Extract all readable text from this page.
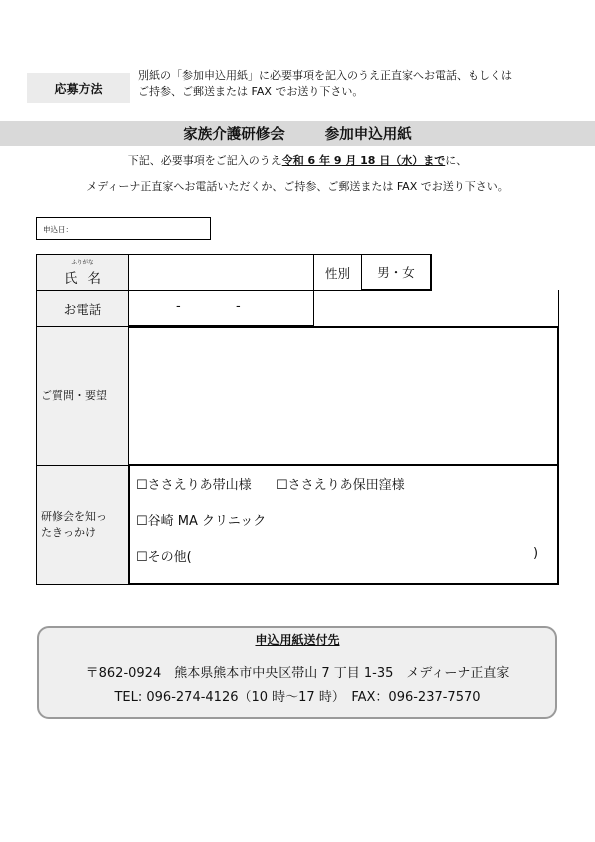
応募方法
別紙の「参加申込用紙」に必要事項を記入のうえ正直家へお電話、もしくは
ご持参、ご郵送または FAX でお送り下さい。
家族介護研修会	参加申込用紙
下記、必要事項をご記入のうえ令和 6 年 9 月 18 日（水）までに、
メディーナ正直家へお電話いただくか、ご持参、ご郵送または FAX でお送り下さい。
申込日：
ふりがな
氏名	性別	男・女
お電話	-	-
ご質問・要望
研修会を知っ
たきっかけ
☐ささえりあ帯山様 ☐ささえりあ保田窪様
☐谷崎 MA クリニック
☐その他(	)
申込用紙送付先
〒862-0924　熊本県熊本市中央区帯山 7 丁目 1-35　メディーナ正直家
TEL: 096-274-4126（10 時～17 時）　FAX：096-237-7570
